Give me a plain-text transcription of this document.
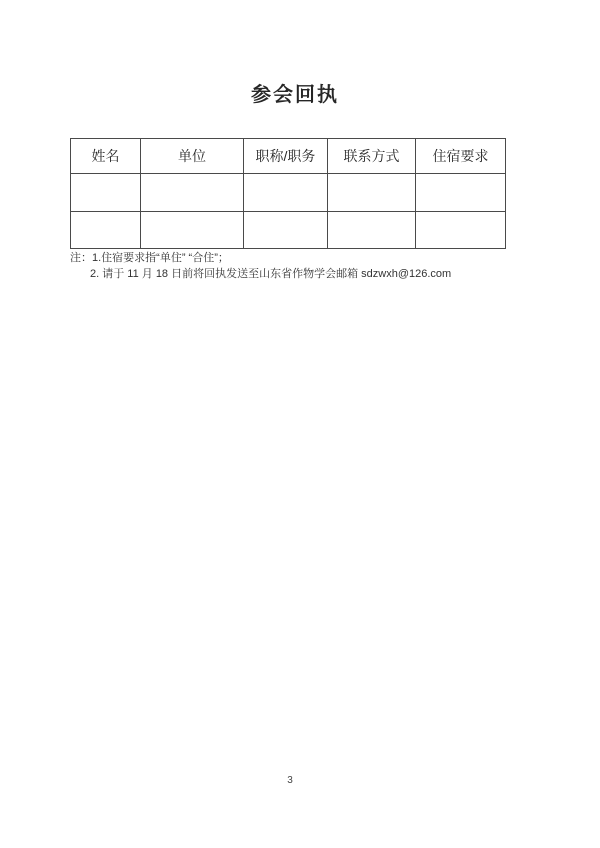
参会回执
姓名	单位	职称/职务	联系方式	住宿要求

注：1.住宿要求指“单住” “合住”；
2. 请于 11 月 18 日前将回执发送至山东省作物学会邮箱 sdzwxh@126.com
3
